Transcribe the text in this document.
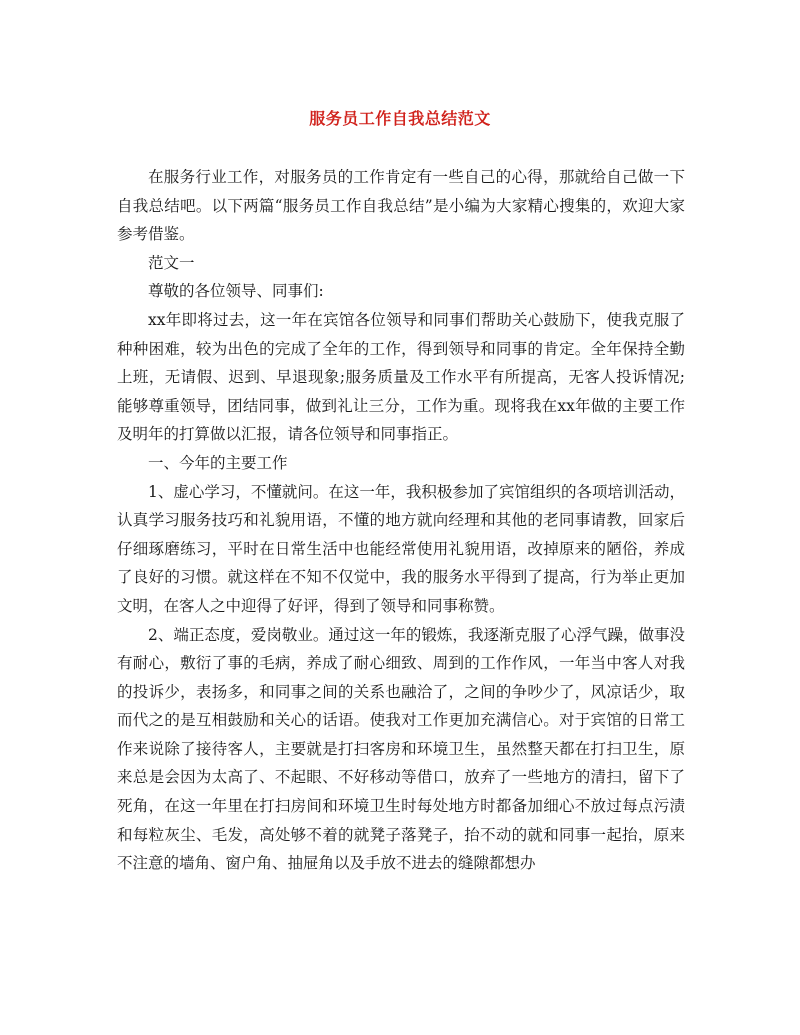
服务员工作自我总结范文

在服务行业工作，对服务员的工作肯定有一些自己的心得，那就给自己做一下自我总结吧。以下两篇“服务员工作自我总结”是小编为大家精心搜集的，欢迎大家参考借鉴。

范文一

尊敬的各位领导、同事们:

xx年即将过去，这一年在宾馆各位领导和同事们帮助关心鼓励下，使我克服了种种困难，较为出色的完成了全年的工作，得到领导和同事的肯定。全年保持全勤上班，无请假、迟到、早退现象;服务质量及工作水平有所提高，无客人投诉情况;能够尊重领导，团结同事，做到礼让三分，工作为重。现将我在xx年做的主要工作及明年的打算做以汇报，请各位领导和同事指正。

一、今年的主要工作

1、虚心学习，不懂就问。在这一年，我积极参加了宾馆组织的各项培训活动，认真学习服务技巧和礼貌用语，不懂的地方就向经理和其他的老同事请教，回家后仔细琢磨练习，平时在日常生活中也能经常使用礼貌用语，改掉原来的陋俗，养成了良好的习惯。就这样在不知不仅觉中，我的服务水平得到了提高，行为举止更加文明，在客人之中迎得了好评，得到了领导和同事称赞。

2、端正态度，爱岗敬业。通过这一年的锻炼，我逐渐克服了心浮气躁，做事没有耐心，敷衍了事的毛病，养成了耐心细致、周到的工作作风，一年当中客人对我的投诉少，表扬多，和同事之间的关系也融洽了，之间的争吵少了，风凉话少，取而代之的是互相鼓励和关心的话语。使我对工作更加充满信心。对于宾馆的日常工作来说除了接待客人，主要就是打扫客房和环境卫生，虽然整天都在打扫卫生，原来总是会因为太高了、不起眼、不好移动等借口，放弃了一些地方的清扫，留下了死角，在这一年里在打扫房间和环境卫生时每处地方时都备加细心不放过每点污渍和每粒灰尘、毛发，高处够不着的就凳子落凳子，抬不动的就和同事一起抬，原来不注意的墙角、窗户角、抽屉角以及手放不进去的缝隙都想办
